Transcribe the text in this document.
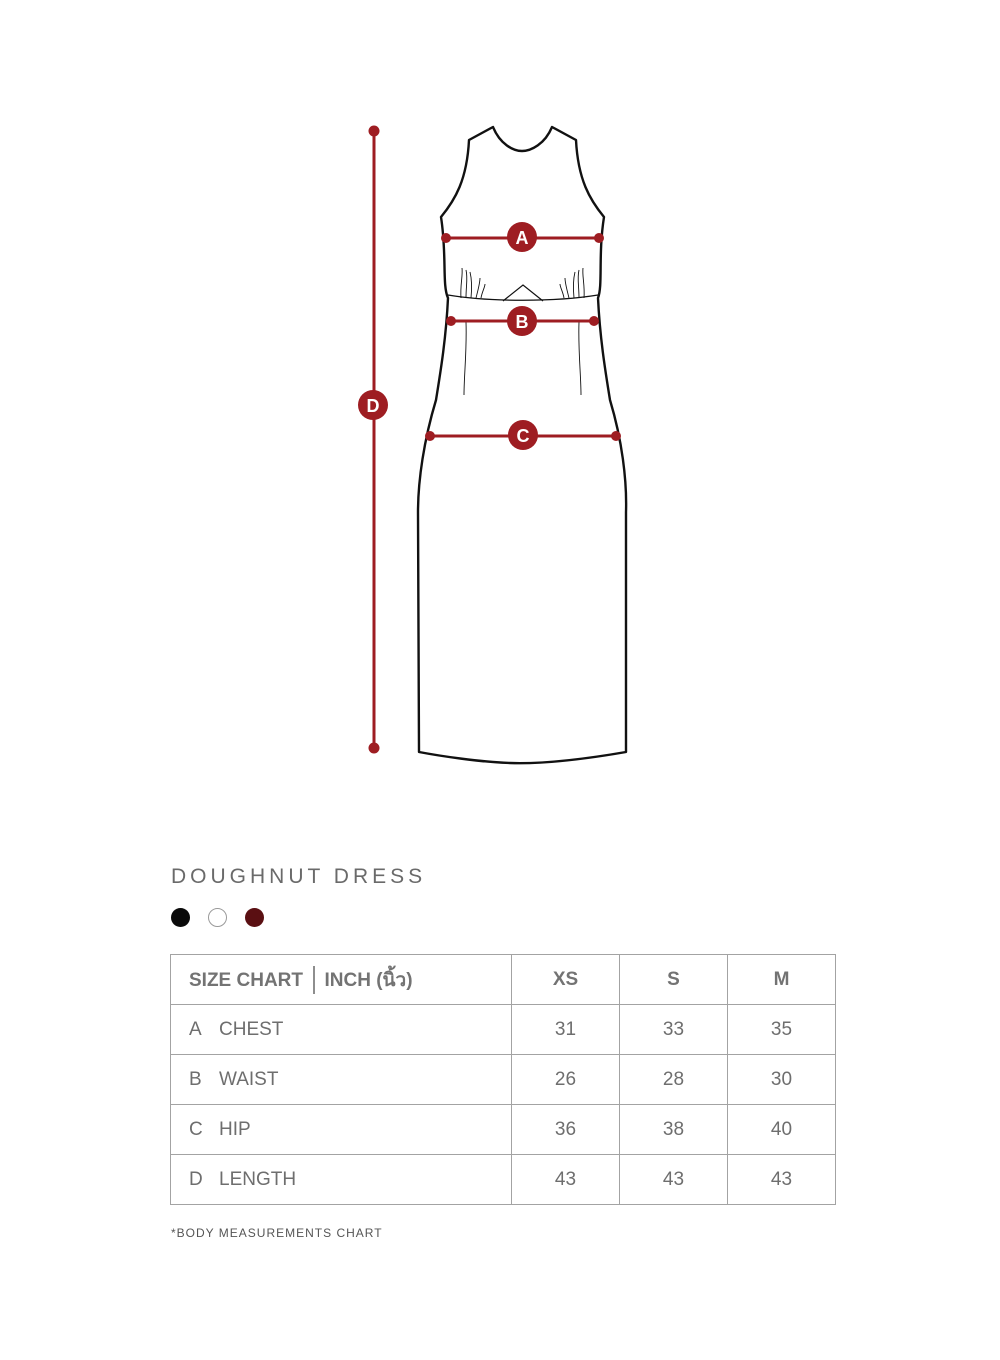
A
B
C
D
DOUGHNUT DRESS
SIZE CHART INCH (นิ้ว)	XS	S	M
A CHEST	31	33	35
B WAIST	26	28	30
C HIP	36	38	40
D LENGTH	43	43	43
*BODY MEASUREMENTS CHART
